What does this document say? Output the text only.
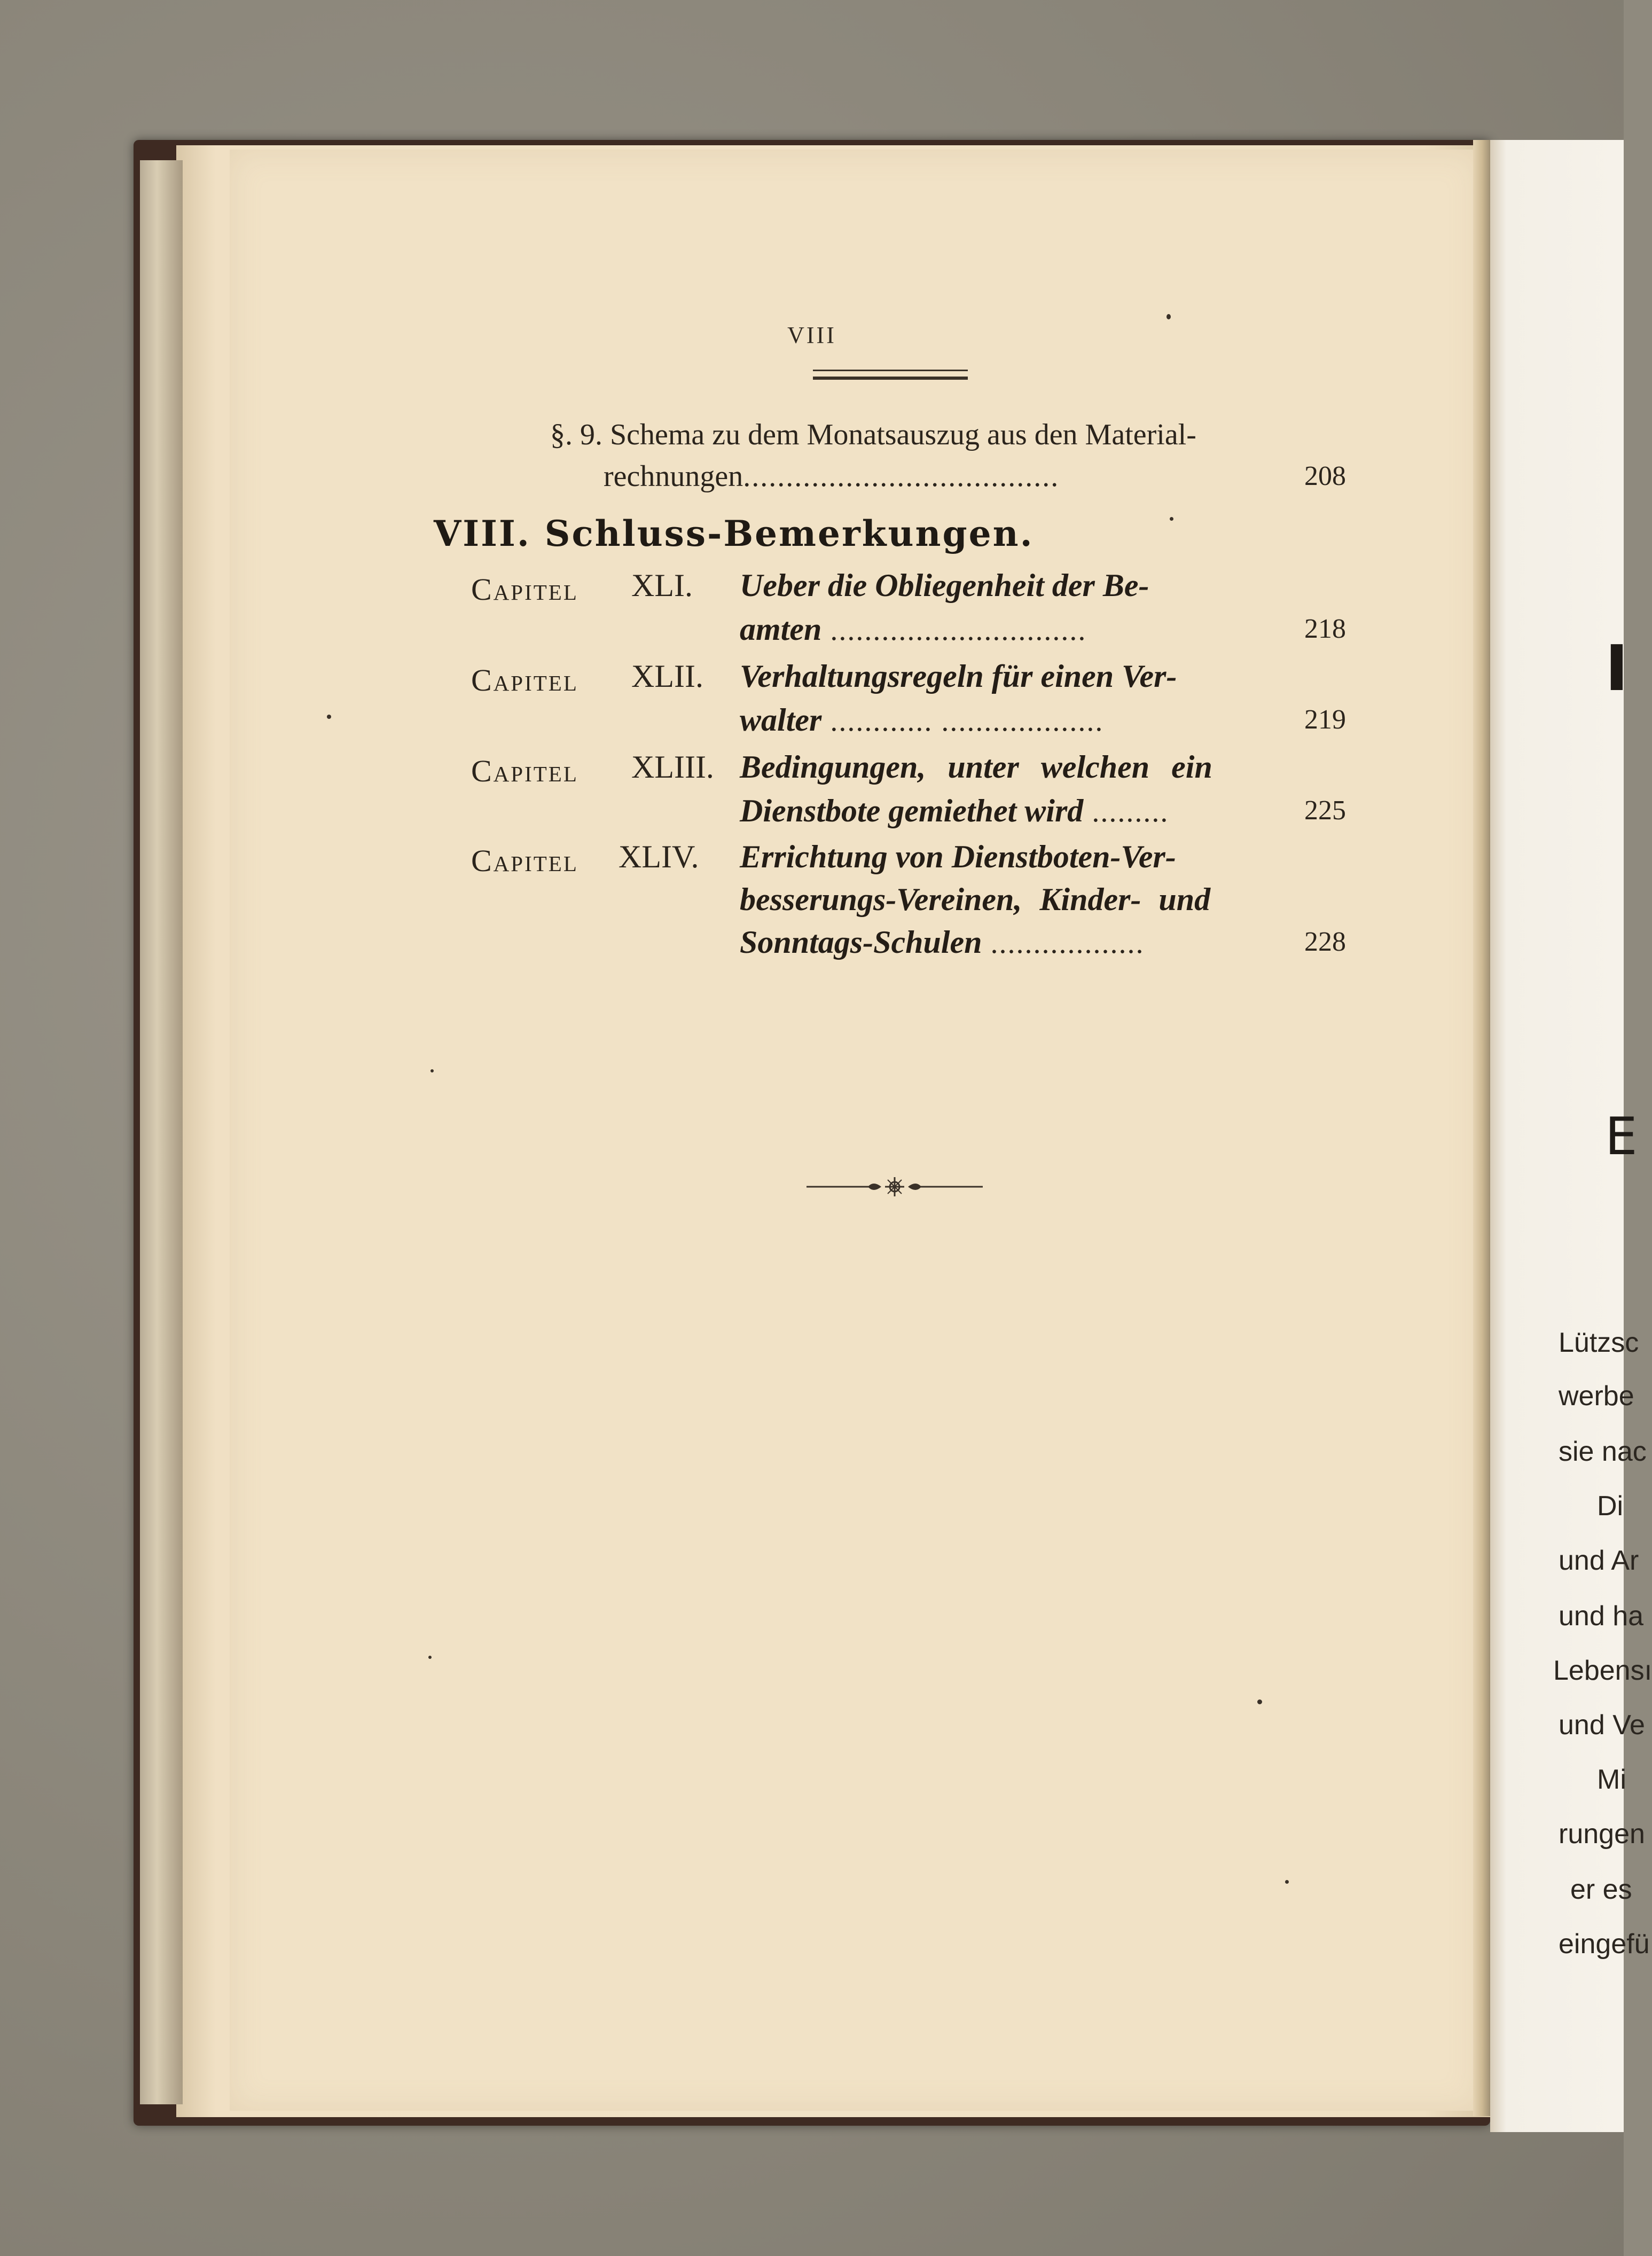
I
E
Lützsc
werbe
sie nac
Di
und Ar
und ha
Lebensı
und Ve
Mi
rungen
er es
eingefü
VIII
§. 9. Schema zu dem Monatsauszug aus den Material-
rechnungen.....................................	208
VIII. Schluss-Bemerkungen.
Capitel XLI. Ueber die Obliegenheit der Be-
amten ..............................	218
Capitel XLII. Verhaltungsregeln für einen Ver-
walter ............ ...................	219
Capitel XLIII. Bedingungen, unter welchen ein
Dienstbote gemiethet wird .........	225
Capitel XLIV. Errichtung von Dienstboten-Ver-
besserungs-Vereinen, Kinder- und
Sonntags-Schulen ..................	228
